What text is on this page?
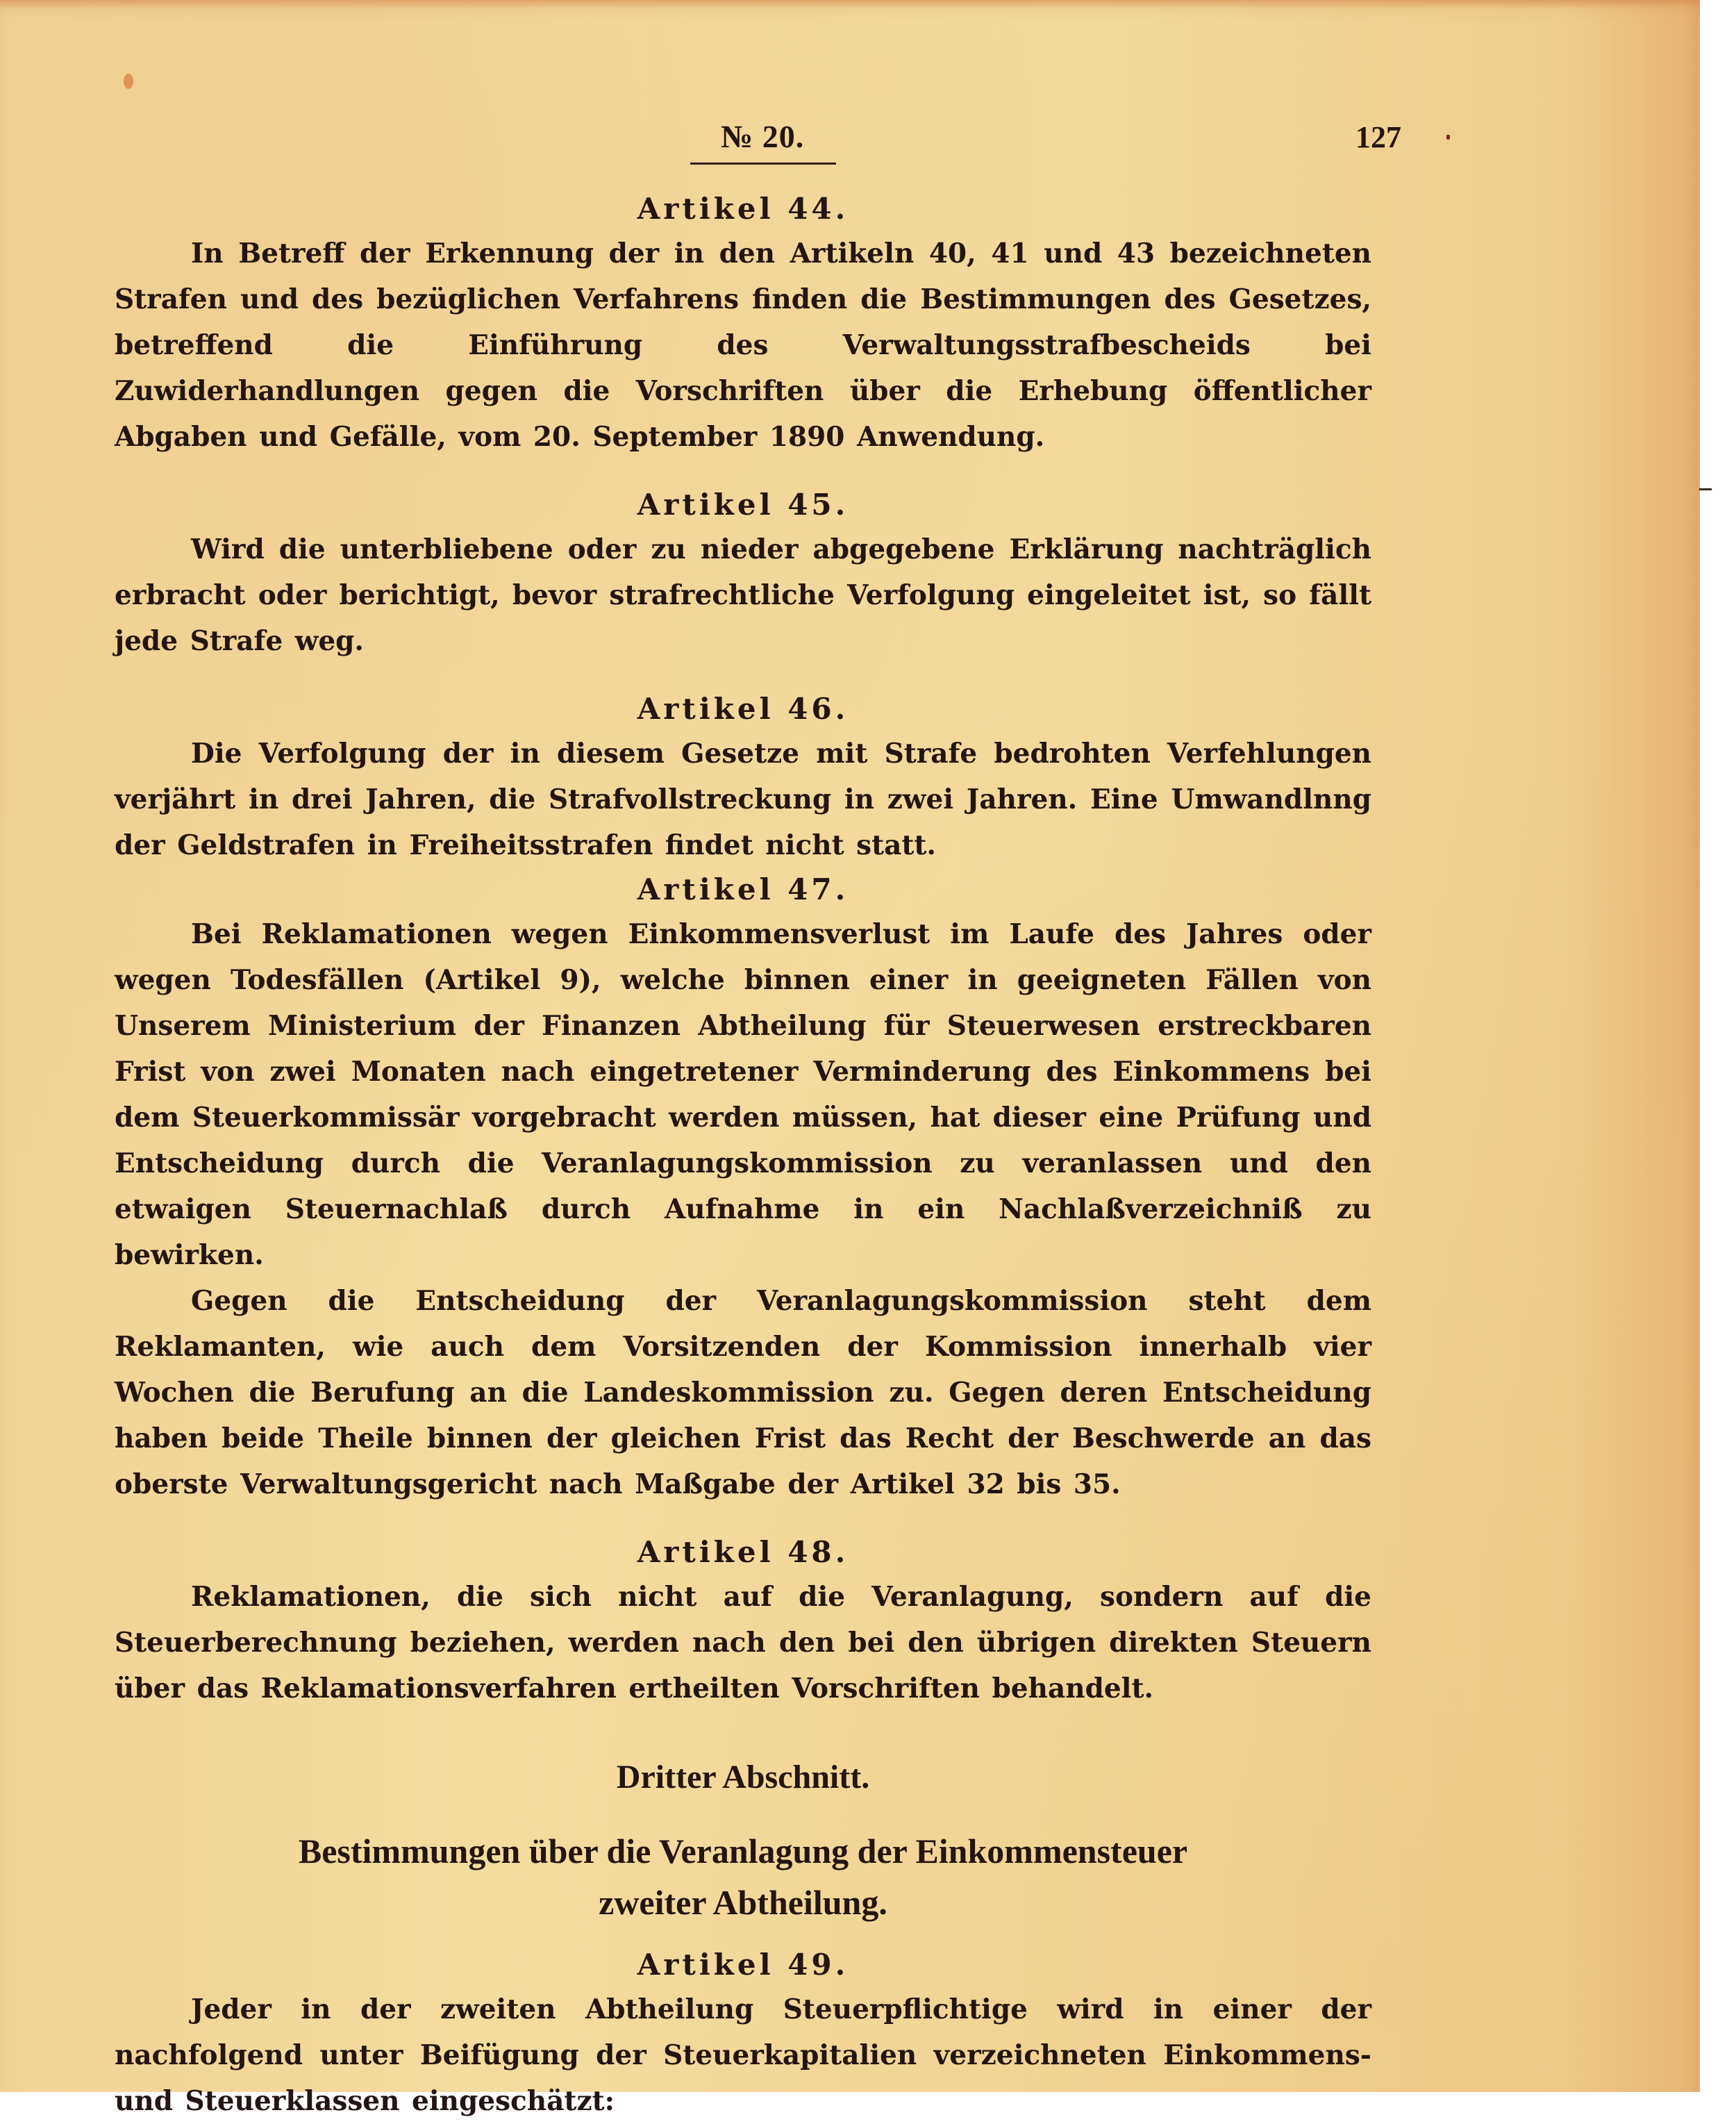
№ 20.	127
Artikel 44.

In Betreff der Erkennung der in den Artikeln 40, 41 und 43 bezeichneten Strafen und des bezüglichen Verfahrens finden die Bestimmungen des Gesetzes, betreffend die Einführung des Verwaltungsstrafbescheids bei Zuwiderhandlungen gegen die Vorschriften über die Erhebung öffentlicher Abgaben und Gefälle, vom 20. September 1890 Anwendung.

Artikel 45.

Wird die unterbliebene oder zu nieder abgegebene Erklärung nachträglich erbracht oder berichtigt, bevor strafrechtliche Verfolgung eingeleitet ist, so fällt jede Strafe weg.

Artikel 46.

Die Verfolgung der in diesem Gesetze mit Strafe bedrohten Verfehlungen verjährt in drei Jahren, die Strafvollstreckung in zwei Jahren. Eine Umwandlnng der Geldstrafen in Freiheitsstrafen findet nicht statt.

Artikel 47.

Bei Reklamationen wegen Einkommensverlust im Laufe des Jahres oder wegen Todesfällen (Artikel 9), welche binnen einer in geeigneten Fällen von Unserem Ministerium der Finanzen Abtheilung für Steuerwesen erstreckbaren Frist von zwei Monaten nach eingetretener Verminderung des Einkommens bei dem Steuerkommissär vorgebracht werden müssen, hat dieser eine Prüfung und Entscheidung durch die Veranlagungskommission zu veranlassen und den etwaigen Steuernachlaß durch Aufnahme in ein Nachlaßverzeichniß zu bewirken.

Gegen die Entscheidung der Veranlagungskommission steht dem Reklamanten, wie auch dem Vorsitzenden der Kommission innerhalb vier Wochen die Berufung an die Landeskommission zu. Gegen deren Entscheidung haben beide Theile binnen der gleichen Frist das Recht der Beschwerde an das oberste Verwaltungsgericht nach Maßgabe der Artikel 32 bis 35.

Artikel 48.

Reklamationen, die sich nicht auf die Veranlagung, sondern auf die Steuerberechnung beziehen, werden nach den bei den übrigen direkten Steuern über das Reklamationsverfahren ertheilten Vorschriften behandelt.

Dritter Abschnitt.
Bestimmungen über die Veranlagung der Einkommensteuer
zweiter Abtheilung.
Artikel 49.

Jeder in der zweiten Abtheilung Steuerpflichtige wird in einer der nachfolgend unter Beifügung der Steuerkapitalien verzeichneten Einkommens- und Steuerklassen eingeschätzt:
